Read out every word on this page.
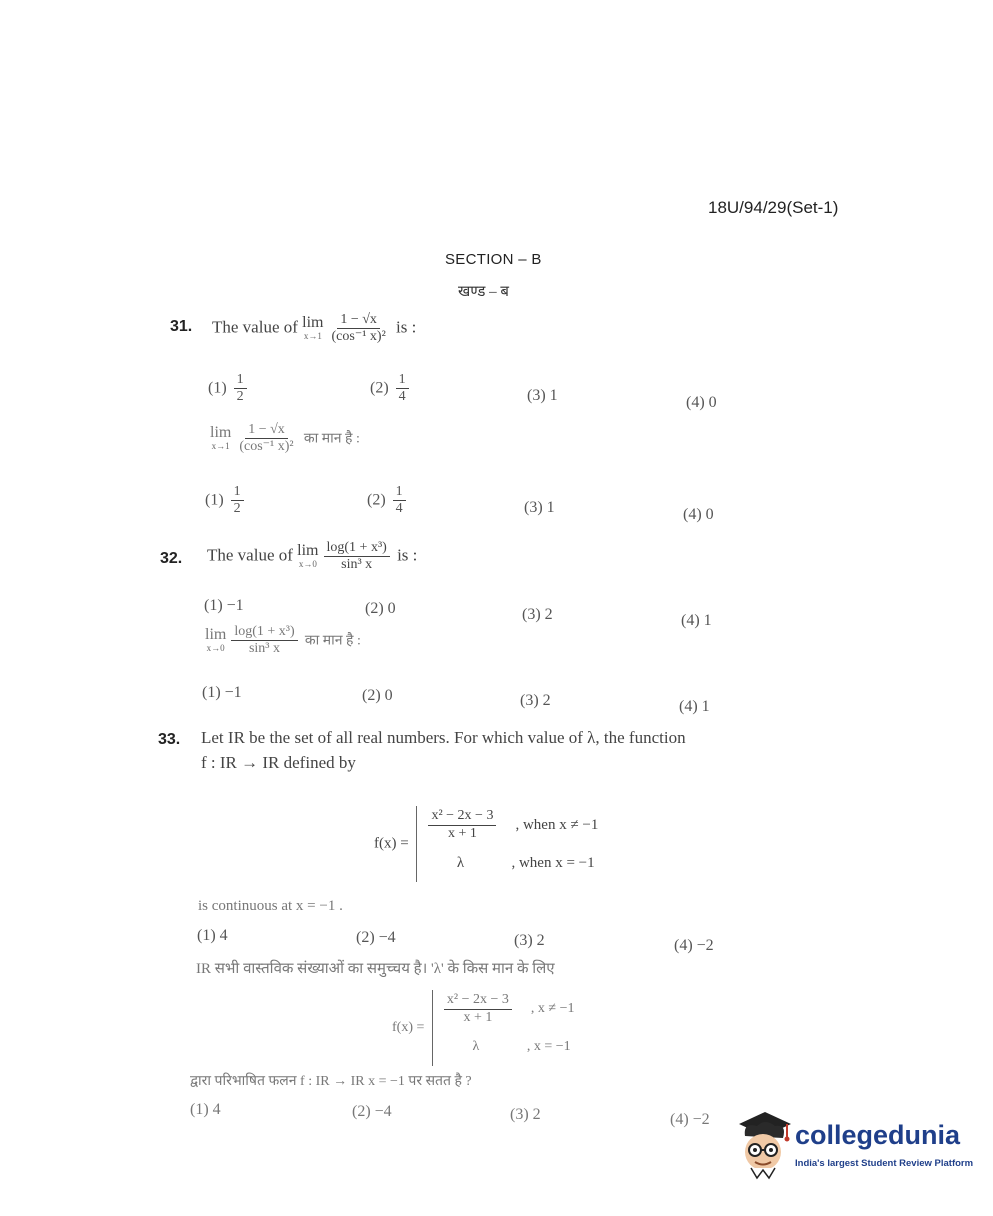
18U/94/29(Set-1)
SECTION – B
खण्ड – ब
31. The value of lim
$x\to 1 \frac{1 - √x}{\text{(cos⁻¹ x)²}}$ is :
$(1) \frac{1}{2}$	$(2) \frac{1}{4}$	(3) 1	(4) 0
lim
$x\to 1 \frac{1 - √x}{\text{(cos⁻¹ x)²}}$ का मान है :
$(1) \frac{1}{2}$	$(2) \frac{1}{4}$	(3) 1	(4) 0
32. The value of lim
$x\to 0 \frac{\text{log(1 + x³)}}{\text{sin³ x}}$ is :
(1) −1	(2) 0	(3) 2	(4) 1
lim
$x\to 0 \frac{\text{log(1 + x³)}}{\text{sin³ x}}$ का मान है :
(1) −1	(2) 0	(3) 2	(4) 1
33. Let IR be the set of all real numbers. For which value of λ, the function
f : IR → IR defined by
f(x) =
$\frac{\text{x² − 2x − 3}}{x + 1}$ , when x ≠ −1
λ	, when x = −1
is continuous at x = −1 .
(1) 4	(2) −4	(3) 2	(4) −2
IR सभी वास्तविक संख्याओं का समुच्चय है। 'λ' के किस मान के लिए
f(x) =
$\frac{\text{x² − 2x − 3}}{x + 1}$ , x ≠ −1
λ	, x = −1
द्वारा परिभाषित फलन f : IR → IR x = −1 पर सतत है ?
(1) 4	(2) −4	(3) 2	(4) −2
collegedunia
India's largest Student Review Platform
